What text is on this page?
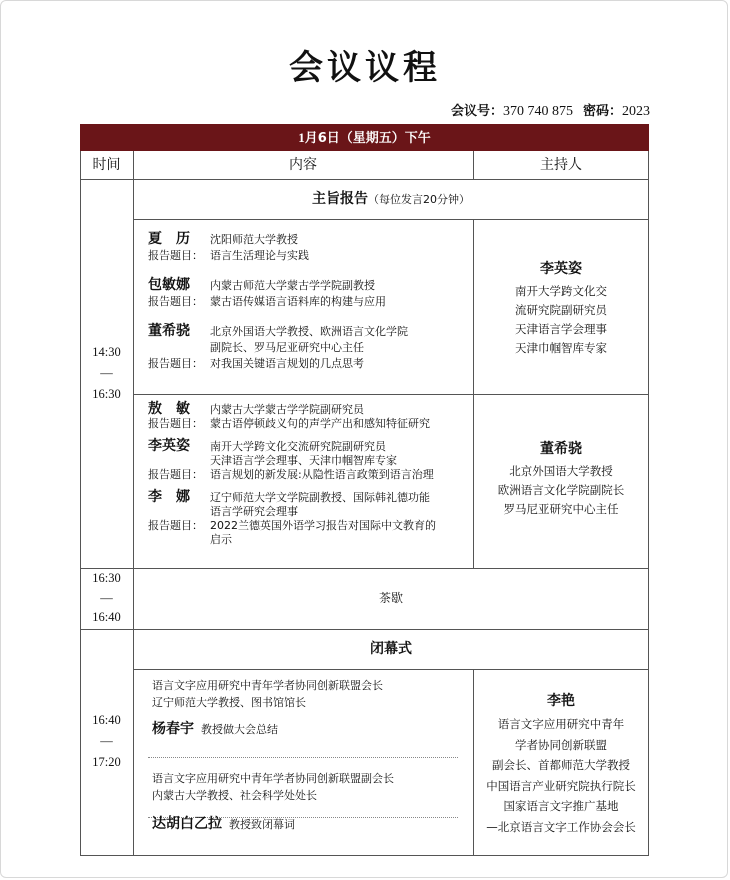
会议议程
会议号：370 740 875 密码：2023
1月6日（星期五）下午
时间	内容	主持人
14:30
—
16:30
主旨报告（每位发言20分钟）
夏　历 沈阳师范大学教授
报告题目： 语言生活理论与实践
包敏娜 内蒙古师范大学蒙古学学院副教授
报告题目： 蒙古语传媒语言语料库的构建与应用
董希骁 北京外国语大学教授、欧洲语言文化学院
副院长、罗马尼亚研究中心主任
报告题目： 对我国关键语言规划的几点思考
李英姿
南开大学跨文化交
流研究院副研究员
天津语言学会理事
天津巾帼智库专家
敖　敏 内蒙古大学蒙古学学院副研究员
报告题目： 蒙古语停顿歧义句的声学产出和感知特征研究
李英姿 南开大学跨文化交流研究院副研究员
天津语言学会理事、天津巾帼智库专家
报告题目： 语言规划的新发展:从隐性语言政策到语言治理
李　娜 辽宁师范大学文学院副教授、国际韩礼德功能
语言学研究会理事
报告题目： 2022兰德英国外语学习报告对国际中文教育的
启示
董希骁
北京外国语大学教授
欧洲语言文化学院副院长
罗马尼亚研究中心主任
16:30
—
16:40
茶歇
闭幕式
16:40
—
17:20
语言文字应用研究中青年学者协同创新联盟会长
辽宁师范大学教授、图书馆馆长
杨春宇 教授做大会总结
语言文字应用研究中青年学者协同创新联盟副会长
内蒙古大学教授、社会科学处处长
达胡白乙拉 教授致闭幕词
李艳
语言文字应用研究中青年
学者协同创新联盟
副会长、首都师范大学教授
中国语言产业研究院执行院长
国家语言文字推广基地
—北京语言文字工作协会会长
